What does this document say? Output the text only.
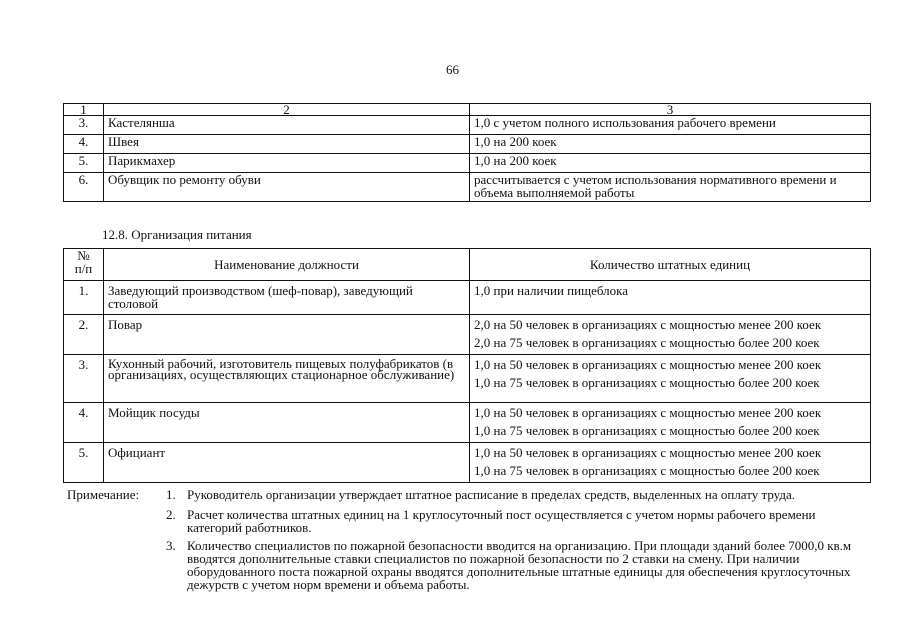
66
1	2	3
3.	Кастелянша	1,0 с учетом полного использования рабочего времени
4.	Швея	1,0 на 200 коек
5.	Парикмахер	1,0 на 200 коек
6.	Обувщик по ремонту обуви	рассчитывается с учетом использования нормативного времени и объема выполняемой работы
12.8. Организация питания
№
п/п	Наименование должности	Количество штатных единиц
1.	Заведующий производством (шеф-повар), заведующий столовой	1,0 при наличии пищеблока
2.	Повар	2,0 на 50 человек в организациях с мощностью менее 200 коек
2,0 на 75 человек в организациях с мощностью более 200 коек

3.	Кухонный рабочий, изготовитель пищевых полуфабрикатов (в организациях, осуществляющих стационарное обслуживание)	1,0 на 50 человек в организациях с мощностью менее 200 коек
1,0 на 75 человек в организациях с мощностью более 200 коек

4.	Мойщик посуды	1,0 на 50 человек в организациях с мощностью менее 200 коек
1,0 на 75 человек в организациях с мощностью более 200 коек

5.	Официант	1,0 на 50 человек в организациях с мощностью менее 200 коек
1,0 на 75 человек в организациях с мощностью более 200 коек
Примечание: 1. Руководитель организации утверждает штатное расписание в пределах средств, выделенных на оплату труда.
2. Расчет количества штатных единиц на 1 круглосуточный пост осуществляется с учетом нормы рабочего времени категорий работников.
3. Количество специалистов по пожарной безопасности вводится на организацию. При площади зданий более 7000,0 кв.м вводятся дополнительные ставки специалистов по пожарной безопасности по 2 ставки на смену. При наличии оборудованного поста пожарной охраны вводятся дополнительные штатные единицы для обеспечения круглосуточных дежурств с учетом норм времени и объема работы.
